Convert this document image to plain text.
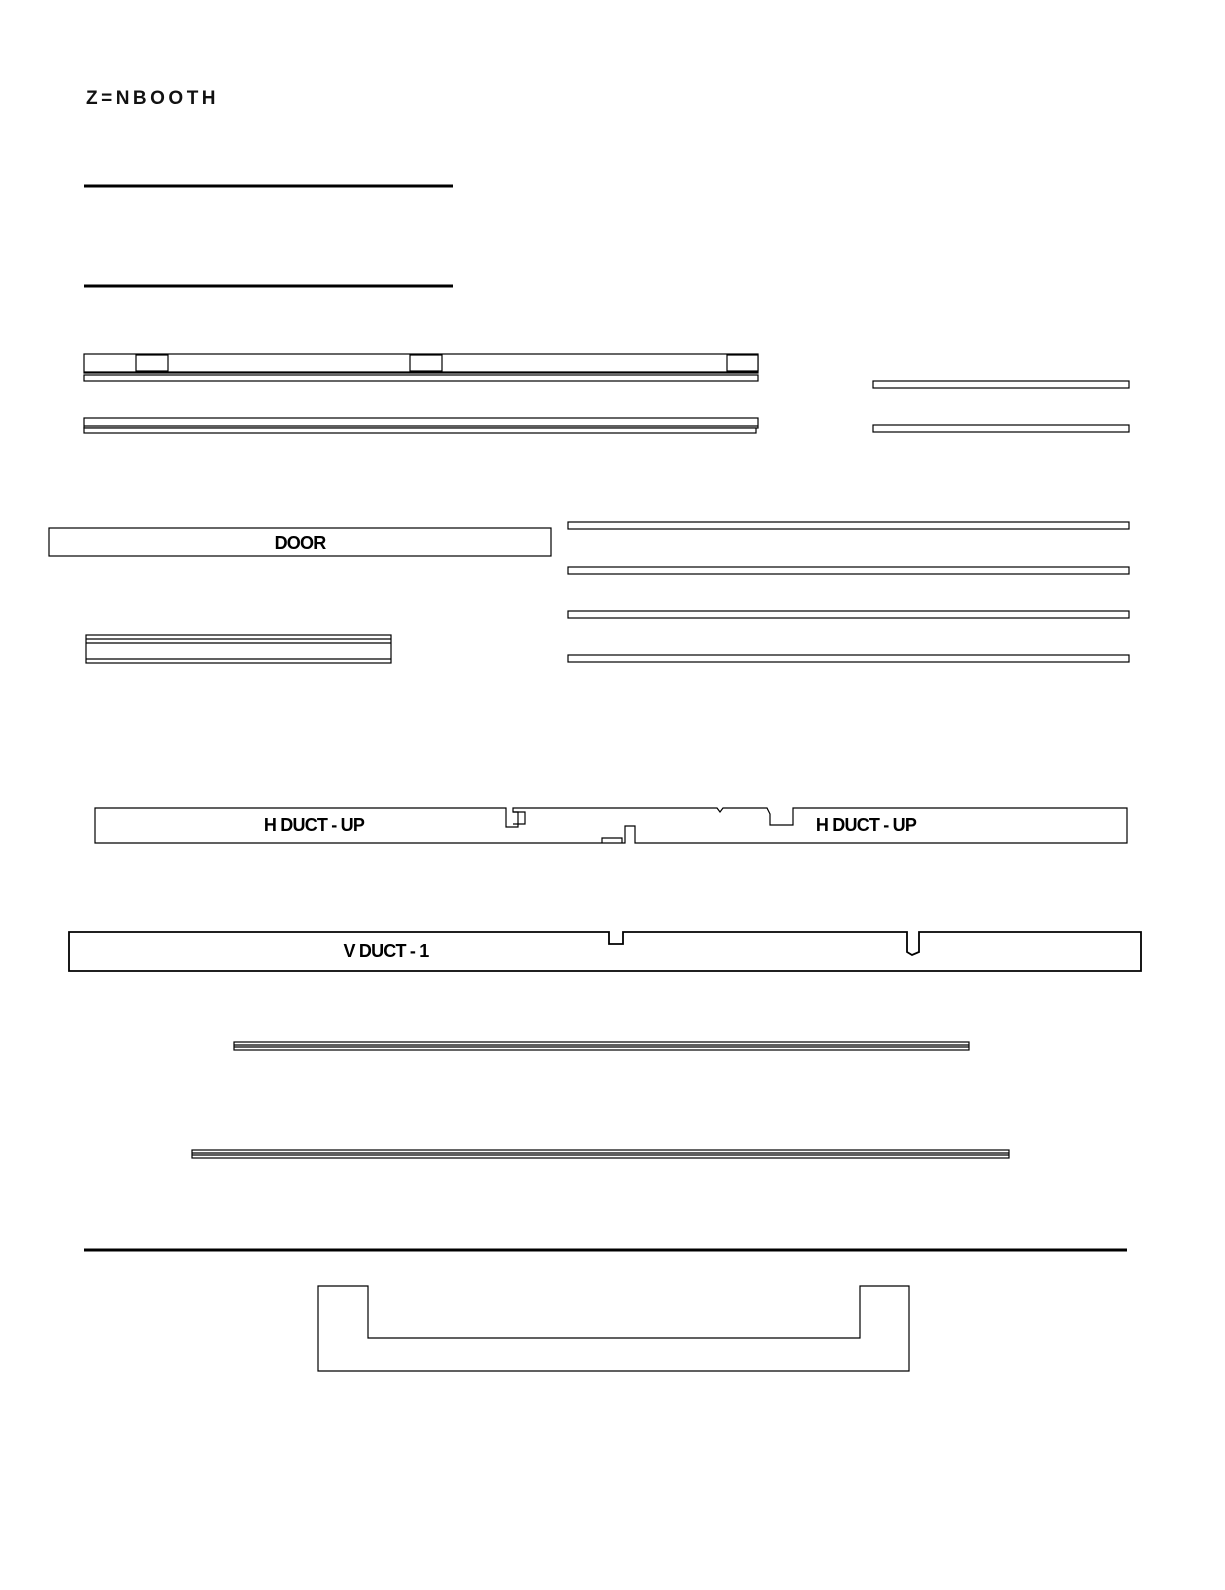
Z=NBOOTH
DOOR
H DUCT - UP	H DUCT - UP
V DUCT - 1
